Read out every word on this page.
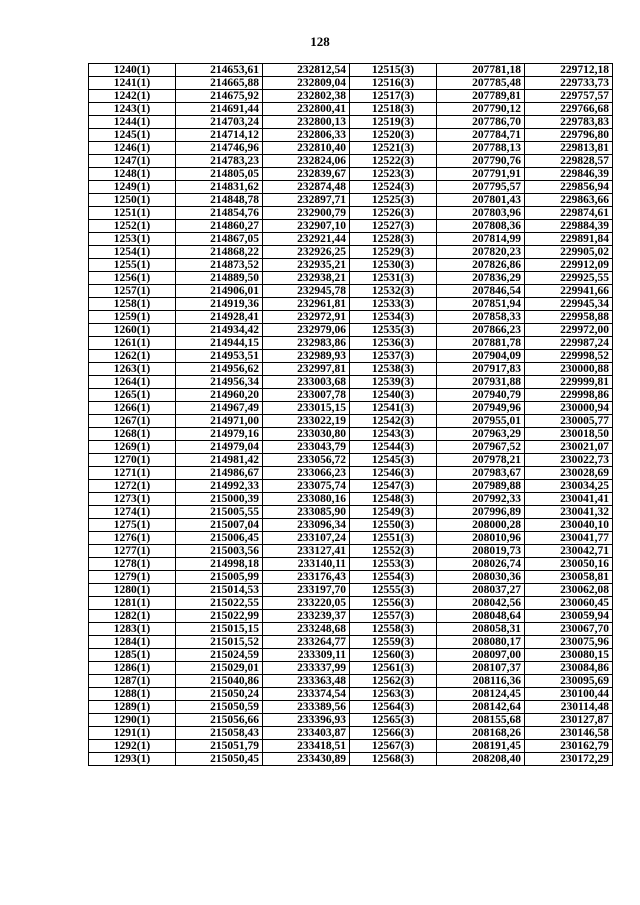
128
1240(1)	214653,61	232812,54	12515(3)	207781,18	229712,18
1241(1)	214665,88	232809,04	12516(3)	207785,48	229733,73
1242(1)	214675,92	232802,38	12517(3)	207789,81	229757,57
1243(1)	214691,44	232800,41	12518(3)	207790,12	229766,68
1244(1)	214703,24	232800,13	12519(3)	207786,70	229783,83
1245(1)	214714,12	232806,33	12520(3)	207784,71	229796,80
1246(1)	214746,96	232810,40	12521(3)	207788,13	229813,81
1247(1)	214783,23	232824,06	12522(3)	207790,76	229828,57
1248(1)	214805,05	232839,67	12523(3)	207791,91	229846,39
1249(1)	214831,62	232874,48	12524(3)	207795,57	229856,94
1250(1)	214848,78	232897,71	12525(3)	207801,43	229863,66
1251(1)	214854,76	232900,79	12526(3)	207803,96	229874,61
1252(1)	214860,27	232907,10	12527(3)	207808,36	229884,39
1253(1)	214867,05	232921,44	12528(3)	207814,99	229891,84
1254(1)	214868,22	232926,25	12529(3)	207820,23	229905,02
1255(1)	214873,52	232935,21	12530(3)	207826,86	229912,09
1256(1)	214889,50	232938,21	12531(3)	207836,29	229925,55
1257(1)	214906,01	232945,78	12532(3)	207846,54	229941,66
1258(1)	214919,36	232961,81	12533(3)	207851,94	229945,34
1259(1)	214928,41	232972,91	12534(3)	207858,33	229958,88
1260(1)	214934,42	232979,06	12535(3)	207866,23	229972,00
1261(1)	214944,15	232983,86	12536(3)	207881,78	229987,24
1262(1)	214953,51	232989,93	12537(3)	207904,09	229998,52
1263(1)	214956,62	232997,81	12538(3)	207917,83	230000,88
1264(1)	214956,34	233003,68	12539(3)	207931,88	229999,81
1265(1)	214960,20	233007,78	12540(3)	207940,79	229998,86
1266(1)	214967,49	233015,15	12541(3)	207949,96	230000,94
1267(1)	214971,00	233022,19	12542(3)	207955,01	230005,77
1268(1)	214979,16	233030,80	12543(3)	207963,29	230018,50
1269(1)	214979,04	233043,79	12544(3)	207967,52	230021,07
1270(1)	214981,42	233056,72	12545(3)	207978,21	230022,73
1271(1)	214986,67	233066,23	12546(3)	207983,67	230028,69
1272(1)	214992,33	233075,74	12547(3)	207989,88	230034,25
1273(1)	215000,39	233080,16	12548(3)	207992,33	230041,41
1274(1)	215005,55	233085,90	12549(3)	207996,89	230041,32
1275(1)	215007,04	233096,34	12550(3)	208000,28	230040,10
1276(1)	215006,45	233107,24	12551(3)	208010,96	230041,77
1277(1)	215003,56	233127,41	12552(3)	208019,73	230042,71
1278(1)	214998,18	233140,11	12553(3)	208026,74	230050,16
1279(1)	215005,99	233176,43	12554(3)	208030,36	230058,81
1280(1)	215014,53	233197,70	12555(3)	208037,27	230062,08
1281(1)	215022,55	233220,05	12556(3)	208042,56	230060,45
1282(1)	215022,99	233239,37	12557(3)	208048,64	230059,94
1283(1)	215015,15	233248,68	12558(3)	208058,31	230067,70
1284(1)	215015,52	233264,77	12559(3)	208080,17	230075,96
1285(1)	215024,59	233309,11	12560(3)	208097,00	230080,15
1286(1)	215029,01	233337,99	12561(3)	208107,37	230084,86
1287(1)	215040,86	233363,48	12562(3)	208116,36	230095,69
1288(1)	215050,24	233374,54	12563(3)	208124,45	230100,44
1289(1)	215050,59	233389,56	12564(3)	208142,64	230114,48
1290(1)	215056,66	233396,93	12565(3)	208155,68	230127,87
1291(1)	215058,43	233403,87	12566(3)	208168,26	230146,58
1292(1)	215051,79	233418,51	12567(3)	208191,45	230162,79
1293(1)	215050,45	233430,89	12568(3)	208208,40	230172,29
